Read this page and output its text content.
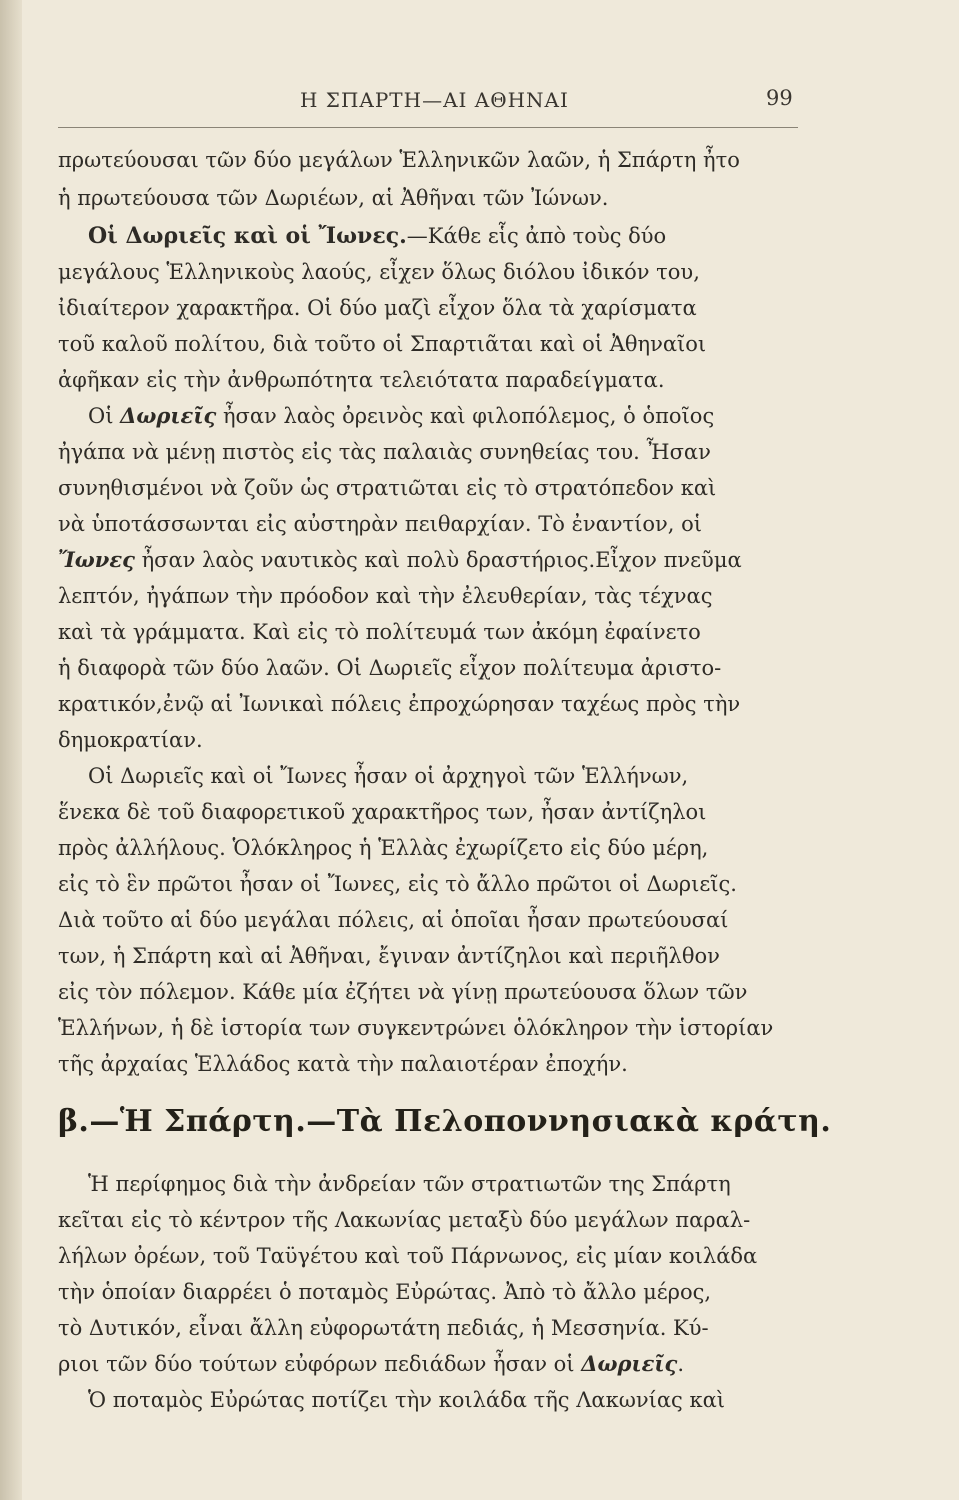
Η ΣΠΑΡΤΗ—ΑΙ ΑΘΗΝΑΙ	99
πρωτεύουσαι τῶν δύο μεγάλων Ἑλληνικῶν λαῶν, ἡ Σπάρτη ἦτο
ἡ πρωτεύουσα τῶν Δωριέων, αἱ Ἀθῆναι τῶν Ἰώνων.
Οἱ Δωριεῖς καὶ οἱ Ἴωνες.—Κάθε εἷς ἀπὸ τοὺς δύο
μεγάλους Ἑλληνικοὺς λαούς, εἶχεν ὅλως διόλου ἰδικόν του,
ἰδιαίτερον χαρακτῆρα. Οἱ δύο μαζὶ εἶχον ὅλα τὰ χαρίσματα
τοῦ καλοῦ πολίτου, διὰ τοῦτο οἱ Σπαρτιᾶται καὶ οἱ Ἀθηναῖοι
ἀφῆκαν εἰς τὴν ἀνθρωπότητα τελειότατα παραδείγματα.
Οἱ Δωριεῖς ἦσαν λαὸς ὀρεινὸς καὶ φιλοπόλεμος, ὁ ὁποῖος
ἠγάπα νὰ μένῃ πιστὸς εἰς τὰς παλαιὰς συνηθείας του. Ἦσαν
συνηθισμένοι νὰ ζοῦν ὡς στρατιῶται εἰς τὸ στρατόπεδον καὶ
νὰ ὑποτάσσωνται εἰς αὐστηρὰν πειθαρχίαν. Τὸ ἐναντίον, οἱ
Ἴωνες ἦσαν λαὸς ναυτικὸς καὶ πολὺ δραστήριος.Εἶχον πνεῦμα
λεπτόν, ἠγάπων τὴν πρόοδον καὶ τὴν ἐλευθερίαν, τὰς τέχνας
καὶ τὰ γράμματα. Καὶ εἰς τὸ πολίτευμά των ἀκόμη ἐφαίνετο
ἡ διαφορὰ τῶν δύο λαῶν. Οἱ Δωριεῖς εἶχον πολίτευμα ἀριστο-
κρατικόν,ἐνῷ αἱ Ἰωνικαὶ πόλεις ἐπροχώρησαν ταχέως πρὸς τὴν
δημοκρατίαν.
Οἱ Δωριεῖς καὶ οἱ Ἴωνες ἦσαν οἱ ἀρχηγοὶ τῶν Ἑλλήνων,
ἕνεκα δὲ τοῦ διαφορετικοῦ χαρακτῆρος των, ἦσαν ἀντίζηλοι
πρὸς ἀλλήλους. Ὁλόκληρος ἡ Ἑλλὰς ἐχωρίζετο εἰς δύο μέρη,
εἰς τὸ ἓν πρῶτοι ἦσαν οἱ Ἴωνες, εἰς τὸ ἄλλο πρῶτοι οἱ Δωριεῖς.
Διὰ τοῦτο αἱ δύο μεγάλαι πόλεις, αἱ ὁποῖαι ἦσαν πρωτεύουσαί
των, ἡ Σπάρτη καὶ αἱ Ἀθῆναι, ἔγιναν ἀντίζηλοι καὶ περιῆλθον
εἰς τὸν πόλεμον. Κάθε μία ἐζήτει νὰ γίνῃ πρωτεύουσα ὅλων τῶν
Ἑλλήνων, ἡ δὲ ἱστορία των συγκεντρώνει ὁλόκληρον τὴν ἱστορίαν
τῆς ἀρχαίας Ἑλλάδος κατὰ τὴν παλαιοτέραν ἐποχήν.
β.—Ἡ Σπάρτη.—Τὰ Πελοποννησιακὰ κράτη.
Ἡ περίφημος διὰ τὴν ἀνδρείαν τῶν στρατιωτῶν της Σπάρτη
κεῖται εἰς τὸ κέντρον τῆς Λακωνίας μεταξὺ δύο μεγάλων παραλ-
λήλων ὀρέων, τοῦ Ταϋγέτου καὶ τοῦ Πάρνωνος, εἰς μίαν κοιλάδα
τὴν ὁποίαν διαρρέει ὁ ποταμὸς Εὐρώτας. Ἀπὸ τὸ ἄλλο μέρος,
τὸ Δυτικόν, εἶναι ἄλλη εὐφορωτάτη πεδιάς, ἡ Μεσσηνία. Κύ-
ριοι τῶν δύο τούτων εὐφόρων πεδιάδων ἦσαν οἱ Δωριεῖς.
Ὁ ποταμὸς Εὐρώτας ποτίζει τὴν κοιλάδα τῆς Λακωνίας καὶ
